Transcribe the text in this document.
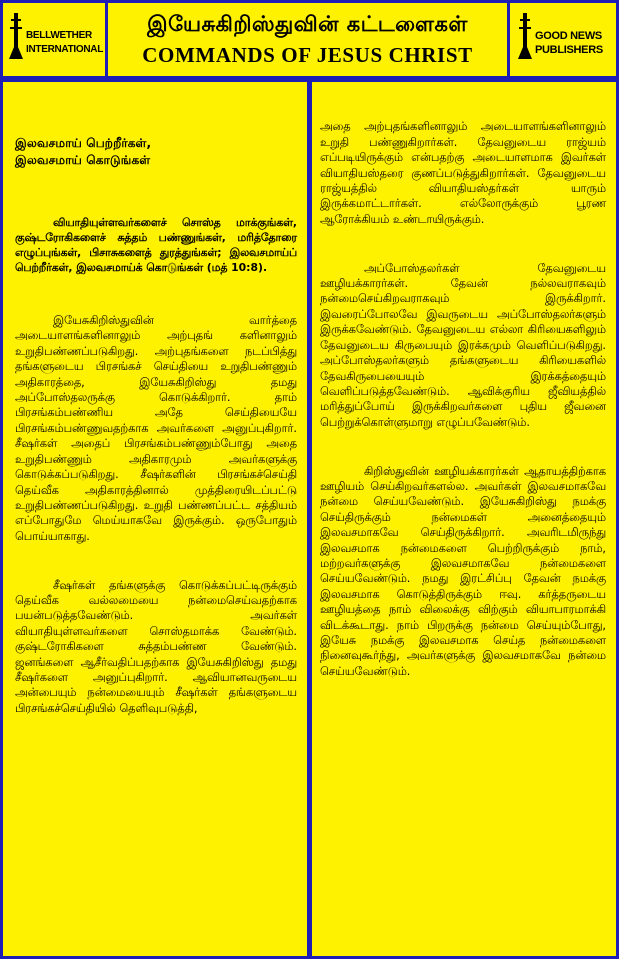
BELLWETHER
INTERNATIONAL
இயேசுகிறிஸ்துவின் கட்டளைகள்
COMMANDS OF JESUS CHRIST
GOOD NEWS
PUBLISHERS

இலவசமாய் பெற்றீர்கள்,
இலவசமாய் கொடுங்கள்

வியாதியுள்ளவர்களைச் சொஸ்த மாக்குங்கள், குஷ்டரோகிகளைச் சுத்தம் பண்ணுங்கள், மரித்தோரை எழுப்புங்கள், பிசாசுகளைத் துரத்துங்கள்; இலவசமாய்ப் பெற்றீர்கள், இலவசமாய்க் கொடுங்கள் (மத் 10:8).

இயேசுகிறிஸ்துவின் வார்த்தை அடையாளங்களினாலும் அற்புதங் களினாலும் உறுதிபண்ணப்படுகிறது. அற்புதங்களை நடப்பித்து தங்களுடைய பிரசங்கச் செய்தியை உறுதிபண்ணும் அதிகாரத்தை, இயேசுகிறிஸ்து தமது அப்போஸ்தலருக்கு கொடுக்கிறார். தாம் பிரசங்கம்பண்ணிய அதே செய்தியையே பிரசங்கம்பண்ணுவதற்காக அவர்களை அனுப்புகிறார். சீஷர்கள் அதைப் பிரசங்கம்பண்ணும்போது அதை உறுதிபண்ணும் அதிகாரமும் அவர்களுக்கு கொடுக்கப்படுகிறது. சீஷர்களின் பிரசங்கச்செய்தி தெய்வீக அதிகாரத்தினால் முத்திரையிடப்பட்டு உறுதிபண்ணப்படுகிறது. உறுதி பண்ணப்பட்ட சத்தியம் எப்போதுமே மெய்யாகவே இருக்கும். ஒருபோதும் பொய்யாகாது.

சீஷர்கள் தங்களுக்கு கொடுக்கப்பட்டிருக்கும் தெய்வீக வல்லமையை நன்மைசெய்வதற்காக பயன்படுத்தவேண்டும். அவர்கள் வியாதியுள்ளவர்களை சொஸ்தமாக்க வேண்டும். குஷ்டரோகிகளை சுத்தம்பண்ண வேண்டும். ஜனங்களை ஆசீர்வதிப்பதற்காக இயேசுகிறிஸ்து தமது சீஷர்களை அனுப்புகிறார். ஆவியானவருடைய அன்பையும் நன்மையையும் சீஷர்கள் தங்களுடைய பிரசங்கச்செய்தியில் தெளிவுபடுத்தி,

அதை அற்புதங்களினாலும் அடையாளங்களினாலும் உறுதி பண்ணுகிறார்கள். தேவனுடைய ராஜ்யம் எப்படியிருக்கும் என்பதற்கு அடையாளமாக இவர்கள் வியாதியஸ்தரை குணப்படுத்துகிறார்கள். தேவனுடைய ராஜ்யத்தில் வியாதியஸ்தர்கள் யாரும் இருக்கமாட்டார்கள். எல்லோருக்கும் பூரண ஆரோக்கியம் உண்டாயிருக்கும்.

அப்போஸ்தலர்கள் தேவனுடைய ஊழியக்காரர்கள். தேவன் நல்லவராகவும் நன்மைசெய்கிறவராகவும் இருக்கிறார். இவரைப்போலவே இவருடைய அப்போஸ்தலர்களும் இருக்கவேண்டும். தேவனுடைய எல்லா கிரியைகளிலும் தேவனுடைய கிருபையும் இரக்கமும் வெளிப்படுகிறது. அப்போஸ்தலர்களும் தங்களுடைய கிரியைகளில் தேவகிருபையையும் இரக்கத்தையும் வெளிப்படுத்தவேண்டும். ஆவிக்குரிய ஜீவியத்தில் மரித்துப்போய் இருக்கிறவர்களை புதிய ஜீவனை பெற்றுக்கொள்ளுமாறு எழுப்பவேண்டும்.

கிறிஸ்துவின் ஊழியக்காரர்கள் ஆதாயத்திற்காக ஊழியம் செய்கிறவர்களல்ல. அவர்கள் இலவசமாகவே நன்மை செய்யவேண்டும். இயேசுகிறிஸ்து நமக்கு செய்திருக்கும் நன்மைகள் அனைத்தையும் இலவசமாகவே செய்திருக்கிறார். அவரிடமிருந்து இலவசமாக நன்மைகளை பெற்றிருக்கும் நாம், மற்றவர்களுக்கு இலவசமாகவே நன்மைகளை செய்யவேண்டும். நமது இரட்சிப்பு தேவன் நமக்கு இலவசமாக கொடுத்திருக்கும் ஈவு. கர்த்தருடைய ஊழியத்தை நாம் விலைக்கு விற்கும் வியாபாரமாக்கி விடக்கூடாது. நாம் பிறருக்கு நன்மை செய்யும்போது, இயேசு நமக்கு இலவசமாக செய்த நன்மைகளை நினைவுகூர்ந்து, அவர்களுக்கு இலவசமாகவே நன்மை செய்யவேண்டும்.
